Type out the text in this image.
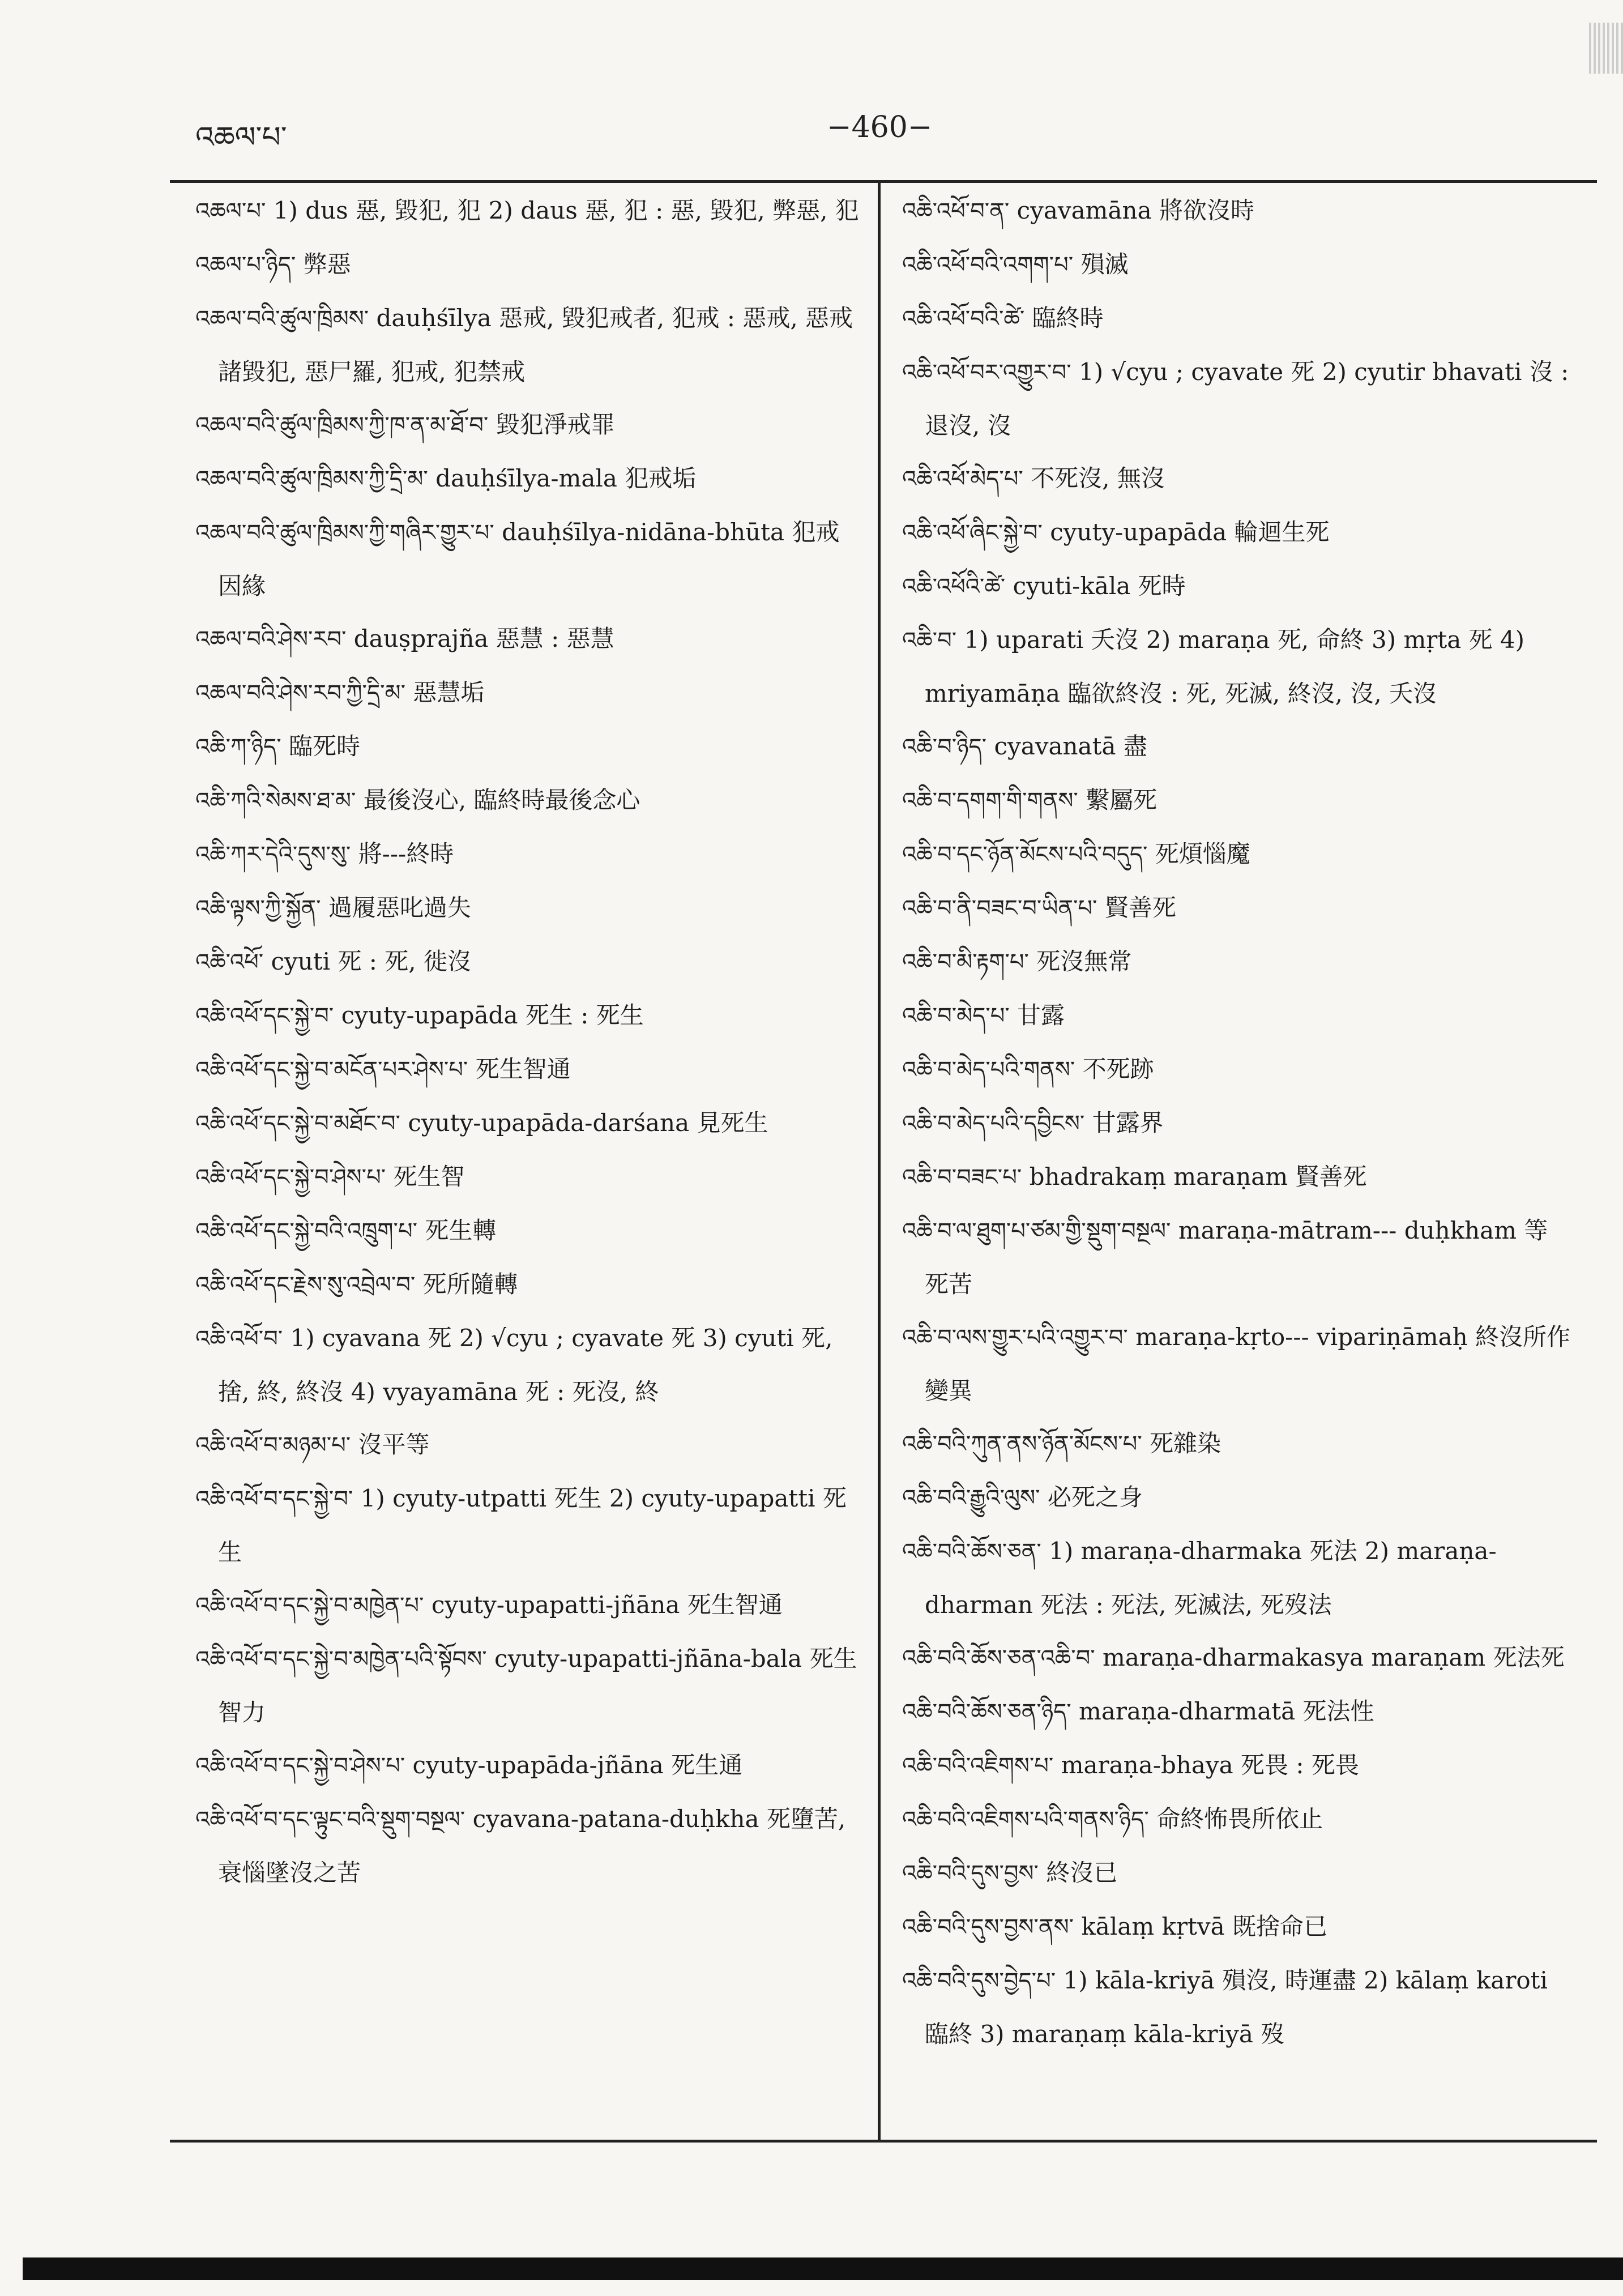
འཆལ་པ་	−460−

འཆལ་པ་ 1) dus 惡, 毀犯, 犯 2) daus 惡, 犯 : 惡, 毀犯, 弊惡, 犯

འཆལ་པ་ཉིད་ 弊惡

འཆལ་བའི་ཚུལ་ཁྲིམས་ dauḥśīlya 惡戒, 毀犯戒者, 犯戒 : 惡戒, 惡戒諸毀犯, 惡尸羅, 犯戒, 犯禁戒

འཆལ་བའི་ཚུལ་ཁྲིམས་ཀྱི་ཁ་ན་མ་ཐོ་བ་ 毀犯淨戒罪

འཆལ་བའི་ཚུལ་ཁྲིམས་ཀྱི་དྲི་མ་ dauḥśīlya-mala 犯戒垢

འཆལ་བའི་ཚུལ་ཁྲིམས་ཀྱི་གཞིར་གྱུར་པ་ dauḥśīlya-nidāna-bhūta 犯戒因緣

འཆལ་བའི་ཤེས་རབ་ dauṣprajña 惡慧 : 惡慧

འཆལ་བའི་ཤེས་རབ་ཀྱི་དྲི་མ་ 惡慧垢

འཆི་ཀ་ཉིད་ 臨死時

འཆི་ཀའི་སེམས་ཐ་མ་ 最後沒心, 臨終時最後念心

འཆི་ཀར་དེའི་དུས་སུ་ 將---終時

འཆི་ལྟས་ཀྱི་སྐྱོན་ 過履惡叱過失

འཆི་འཕོ་ cyuti 死 : 死, 徙沒

འཆི་འཕོ་དང་སྐྱེ་བ་ cyuty-upapāda 死生 : 死生

འཆི་འཕོ་དང་སྐྱེ་བ་མངོན་པར་ཤེས་པ་ 死生智通

འཆི་འཕོ་དང་སྐྱེ་བ་མཐོང་བ་ cyuty-upapāda-darśana 見死生

འཆི་འཕོ་དང་སྐྱེ་བ་ཤེས་པ་ 死生智

འཆི་འཕོ་དང་སྐྱེ་བའི་འཁྲུག་པ་ 死生轉

འཆི་འཕོ་དང་རྗེས་སུ་འབྲེལ་བ་ 死所隨轉

འཆི་འཕོ་བ་ 1) cyavana 死 2) √cyu ; cyavate 死 3) cyuti 死, 捨, 終, 終沒 4) vyayamāna 死 : 死沒, 終

འཆི་འཕོ་བ་མཉམ་པ་ 沒平等

འཆི་འཕོ་བ་དང་སྐྱེ་བ་ 1) cyuty-utpatti 死生 2) cyuty-upapatti 死生

འཆི་འཕོ་བ་དང་སྐྱེ་བ་མཁྱེན་པ་ cyuty-upapatti-jñāna 死生智通

འཆི་འཕོ་བ་དང་སྐྱེ་བ་མཁྱེན་པའི་སྟོབས་ cyuty-upapatti-jñāna-bala 死生智力

འཆི་འཕོ་བ་དང་སྐྱེ་བ་ཤེས་པ་ cyuty-upapāda-jñāna 死生通

འཆི་འཕོ་བ་དང་ལྟུང་བའི་སྡུག་བསྔལ་ cyavana-patana-duḥkha 死墮苦, 衰惱墜沒之苦

འཆི་འཕོ་བ་ན་ cyavamāna 將欲沒時

འཆི་འཕོ་བའི་འགག་པ་ 殞滅

འཆི་འཕོ་བའི་ཚེ་ 臨終時

འཆི་འཕོ་བར་འགྱུར་བ་ 1) √cyu ; cyavate 死 2) cyutir bhavati 沒 : 退沒, 沒

འཆི་འཕོ་མེད་པ་ 不死沒, 無沒

འཆི་འཕོ་ཞིང་སྐྱེ་བ་ cyuty-upapāda 輪迴生死

འཆི་འཕོའི་ཚེ་ cyuti-kāla 死時

འཆི་བ་ 1) uparati 夭沒 2) maraṇa 死, 命終 3) mṛta 死 4) mriyamāṇa 臨欲終沒 : 死, 死滅, 終沒, 沒, 夭沒

འཆི་བ་ཉིད་ cyavanatā 盡

འཆི་བ་དགག་གི་གནས་ 繫屬死

འཆི་བ་དང་ཉོན་མོངས་པའི་བདུད་ 死煩惱魔

འཆི་བ་ནི་བཟང་བ་ཡིན་པ་ 賢善死

འཆི་བ་མི་རྟག་པ་ 死沒無常

འཆི་བ་མེད་པ་ 甘露

འཆི་བ་མེད་པའི་གནས་ 不死跡

འཆི་བ་མེད་པའི་དབྱིངས་ 甘露界

འཆི་བ་བཟང་པ་ bhadrakaṃ maraṇam 賢善死

འཆི་བ་ལ་ཐུག་པ་ཙམ་གྱི་སྡུག་བསྔལ་ maraṇa-mātram--- duḥkham 等死苦

འཆི་བ་ལས་གྱུར་པའི་འགྱུར་བ་ maraṇa-kṛto--- vipariṇāmaḥ 終沒所作變異

འཆི་བའི་ཀུན་ནས་ཉོན་མོངས་པ་ 死雜染

འཆི་བའི་རྒྱུའི་ལུས་ 必死之身

འཆི་བའི་ཆོས་ཅན་ 1) maraṇa-dharmaka 死法 2) maraṇa-dharman 死法 : 死法, 死滅法, 死歿法

འཆི་བའི་ཆོས་ཅན་འཆི་བ་ maraṇa-dharmakasya maraṇam 死法死

འཆི་བའི་ཆོས་ཅན་ཉིད་ maraṇa-dharmatā 死法性

འཆི་བའི་འཇིགས་པ་ maraṇa-bhaya 死畏 : 死畏

འཆི་བའི་འཇིགས་པའི་གནས་ཉིད་ 命終怖畏所依止

འཆི་བའི་དུས་བྱས་ 終沒已

འཆི་བའི་དུས་བྱས་ནས་ kālaṃ kṛtvā 既捨命已

འཆི་བའི་དུས་བྱེད་པ་ 1) kāla-kriyā 殞沒, 時運盡 2) kālaṃ karoti 臨終 3) maraṇaṃ kāla-kriyā 歿
